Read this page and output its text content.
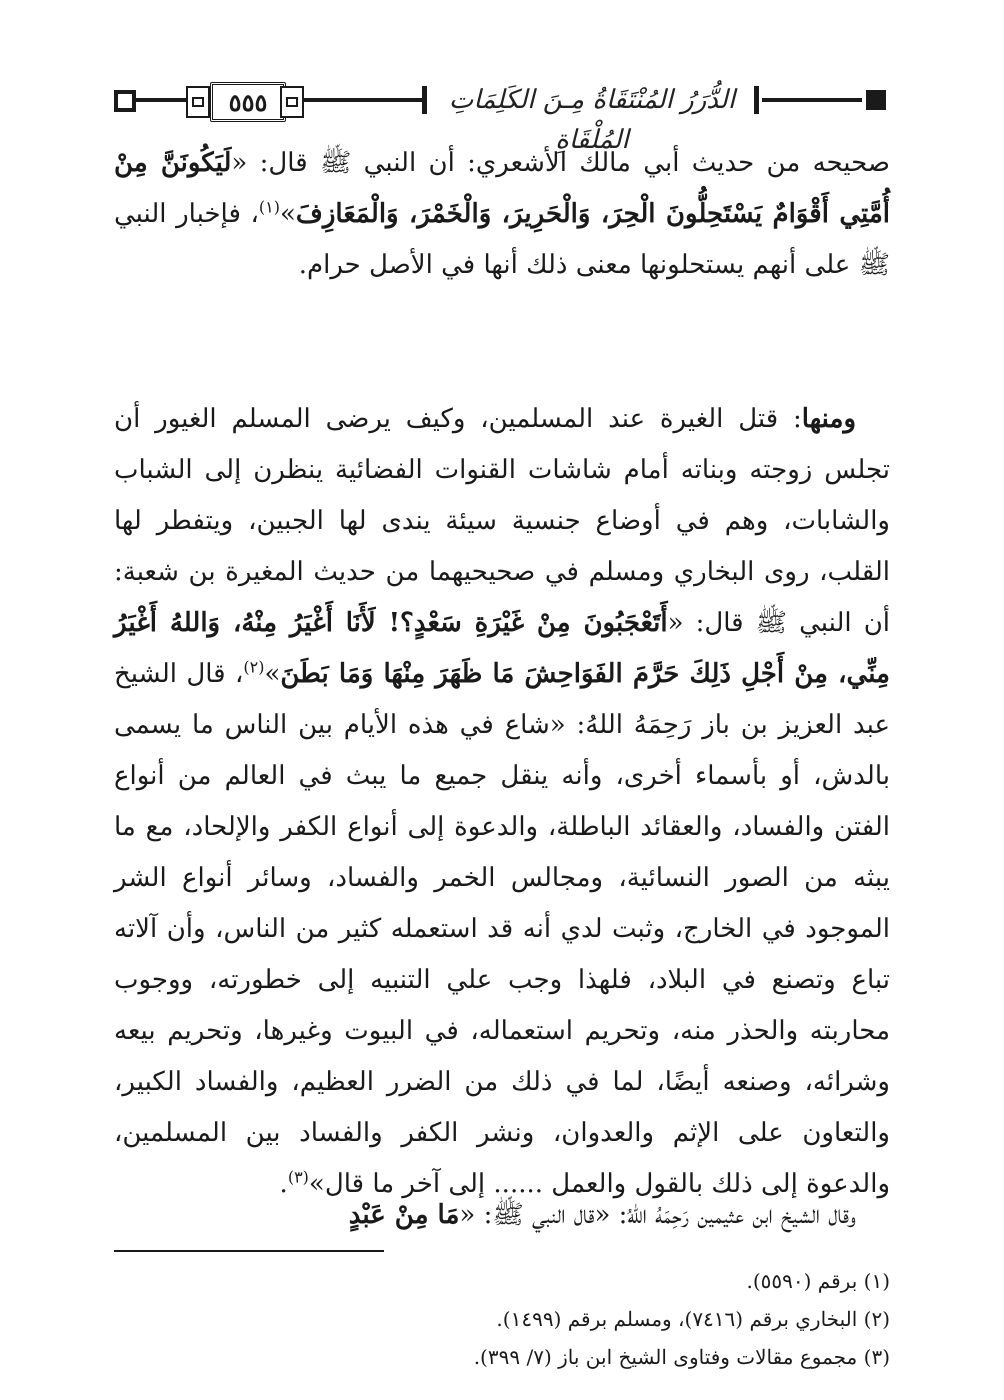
٥٥٥	الدُّرَرُ المُنْتَقَاةُ مِـنَ الكَلِمَاتِ المُلْقَاةِ

صحيحه من حديث أبي مالك الأشعري: أن النبي ﷺ قال: «لَيَكُونَنَّ مِنْ أُمَّتِي أَقْوَامٌ يَسْتَحِلُّونَ الْحِرَ، وَالْحَرِيرَ، وَالْخَمْرَ، وَالْمَعَازِفَ»$^{(١)}$، فإخبار النبي ﷺ على أنهم يستحلونها معنى ذلك أنها في الأصل حرام.

ومنها: قتل الغيرة عند المسلمين، وكيف يرضى المسلم الغيور أن تجلس زوجته وبناته أمام شاشات القنوات الفضائية ينظرن إلى الشباب والشابات، وهم في أوضاع جنسية سيئة يندى لها الجبين، ويتفطر لها القلب، روى البخاري ومسلم في صحيحيهما من حديث المغيرة بن شعبة: أن النبي ﷺ قال: «أَتَعْجَبُونَ مِنْ غَيْرَةِ سَعْدٍ؟! لَأَنَا أَغْيَرُ مِنْهُ، وَاللهُ أَغْيَرُ مِنِّي، مِنْ أَجْلِ ذَلِكَ حَرَّمَ الفَوَاحِشَ مَا ظَهَرَ مِنْهَا وَمَا بَطَنَ»$^{(٢)}$، قال الشيخ عبد العزيز بن باز رَحِمَهُ اللهُ: «شاع في هذه الأيام بين الناس ما يسمى بالدش، أو بأسماء أخرى، وأنه ينقل جميع ما يبث في العالم من أنواع الفتن والفساد، والعقائد الباطلة، والدعوة إلى أنواع الكفر والإلحاد، مع ما يبثه من الصور النسائية، ومجالس الخمر والفساد، وسائر أنواع الشر الموجود في الخارج، وثبت لدي أنه قد استعمله كثير من الناس، وأن آلاته تباع وتصنع في البلاد، فلهذا وجب علي التنبيه إلى خطورته، ووجوب محاربته والحذر منه، وتحريم استعماله، في البيوت وغيرها، وتحريم بيعه وشرائه، وصنعه أيضًا، لما في ذلك من الضرر العظيم، والفساد الكبير، والتعاون على الإثم والعدوان، ونشر الكفر والفساد بين المسلمين، والدعوة إلى ذلك بالقول والعمل ...... إلى آخر ما قال»$^{(٣)}$.

وقال الشيخ ابن عثيمين رَحِمَهُ اللهُ: «قال النبي ﷺ: «مَا مِنْ عَبْدٍ

(١) برقم (٥٥٩٠).

(٢) البخاري برقم (٧٤١٦)، ومسلم برقم (١٤٩٩).

(٣) مجموع مقالات وفتاوى الشيخ ابن باز (٧/ ٣٩٩).
